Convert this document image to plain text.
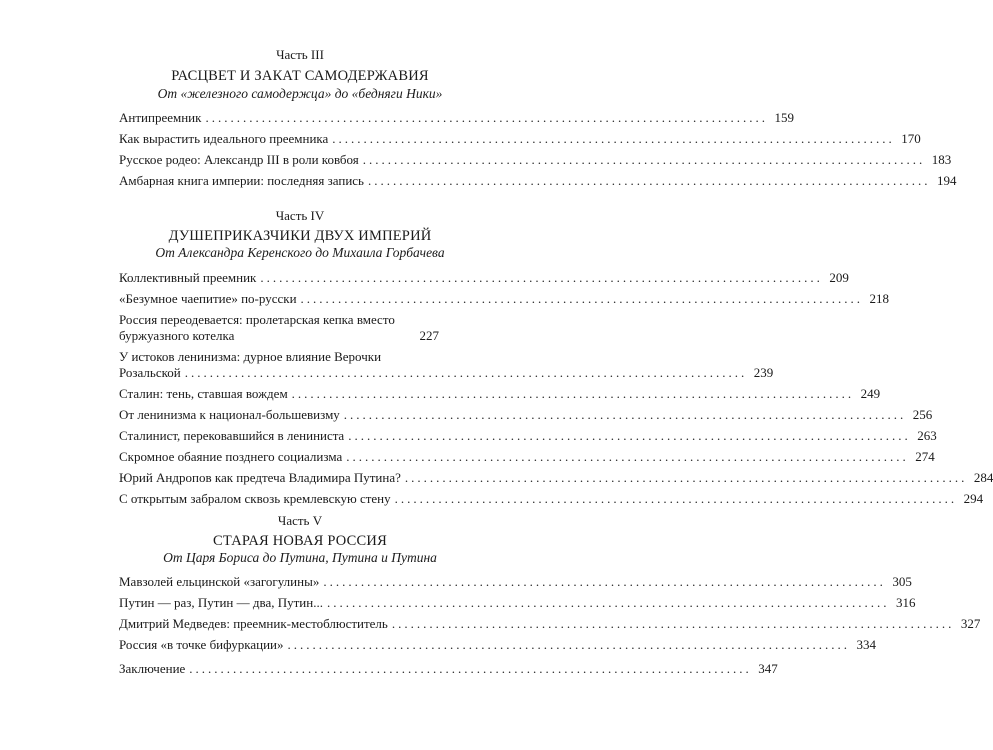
Часть III
РАСЦВЕТ И ЗАКАТ САМОДЕРЖАВИЯ
От «железного самодержца» до «бедняги Ники»
Антипреемник .......................................................................................... 159
Как вырастить идеального преемника .......................................................................................... 170
Русское родео: Александр III в роли ковбоя .......................................................................................... 183
Амбарная книга империи: последняя запись .......................................................................................... 194
Часть IV
ДУШЕПРИКАЗЧИКИ ДВУХ ИМПЕРИЙ
От Александра Керенского до Михаила Горбачева
Коллективный преемник .......................................................................................... 209
«Безумное чаепитие» по-русски .......................................................................................... 218
Россия переодевается: пролетарская кепка вместо
буржуазного котелка	227
У истоков ленинизма: дурное влияние Верочки
Розальской .......................................................................................... 239
Сталин: тень, ставшая вождем .......................................................................................... 249
От ленинизма к национал-большевизму .......................................................................................... 256
Сталинист, перековавшийся в ленинистa .......................................................................................... 263
Скромное обаяние позднего социализма .......................................................................................... 274
Юрий Андропов как предтеча Владимира Путина? .......................................................................................... 284
С открытым забралом сквозь кремлевскую стену .......................................................................................... 294
Часть V
СТАРАЯ НОВАЯ РОССИЯ
От Царя Бориса до Путина, Путина и Путина
Мавзолей ельцинской «загогулины» .......................................................................................... 305
Путин — раз, Путин — два, Путин... .......................................................................................... 316
Дмитрий Медведев: преемник-местоблюститель .......................................................................................... 327
Россия «в точке бифуркации» .......................................................................................... 334
Заключение .......................................................................................... 347
